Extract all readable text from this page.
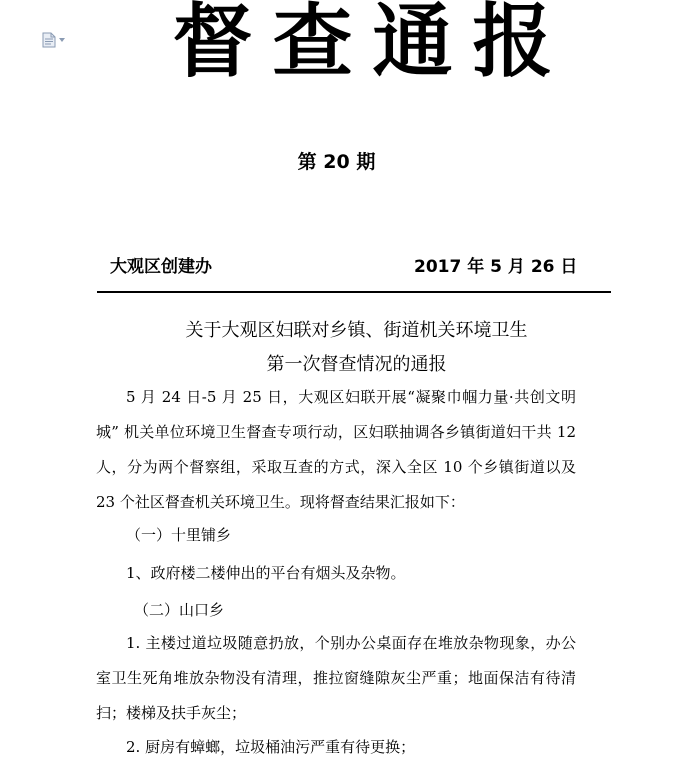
督查通报
第 20 期
大观区创建办	2017 年 5 月 26 日
关于大观区妇联对乡镇、街道机关环境卫生
第一次督查情况的通报
5 月 24 日-5 月 25 日，大观区妇联开展“凝聚巾帼力量·共创文明城” 机关单位环境卫生督查专项行动，区妇联抽调各乡镇街道妇干共 12 人，分为两个督察组，采取互查的方式，深入全区 10 个乡镇街道以及 23 个社区督查机关环境卫生。现将督查结果汇报如下：
（一）十里铺乡
1、政府楼二楼伸出的平台有烟头及杂物。
（二）山口乡
1. 主楼过道垃圾随意扔放，个别办公桌面存在堆放杂物现象，办公室卫生死角堆放杂物没有清理，推拉窗缝隙灰尘严重；地面保洁有待清扫；楼梯及扶手灰尘；
2. 厨房有蟑螂，垃圾桶油污严重有待更换；
